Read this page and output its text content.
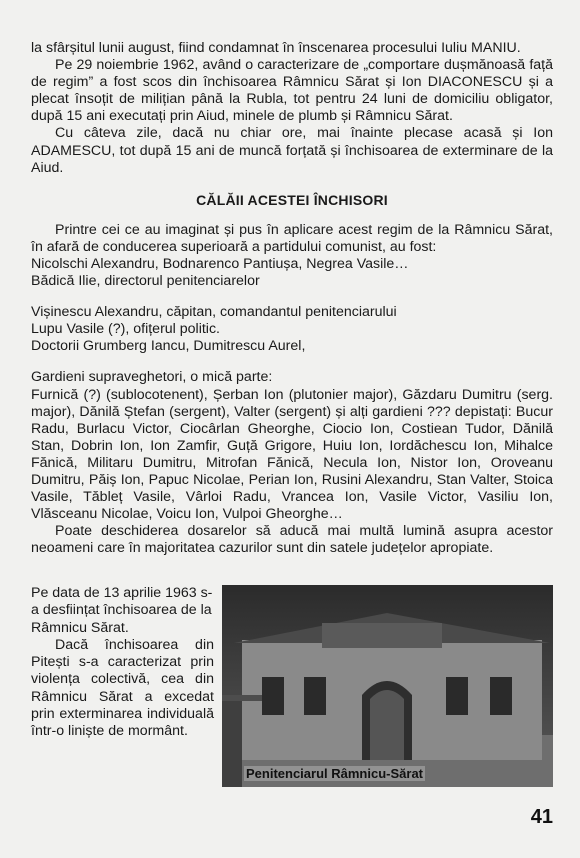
la sfârșitul lunii august, fiind condamnat în înscenarea procesului Iuliu MANIU.

Pe 29 noiembrie 1962, având o caracterizare de „comportare dușmănoasă față de regim” a fost scos din închisoarea Râmnicu Sărat și Ion DIACONESCU și a plecat însoțit de milițian până la Rubla, tot pentru 24 luni de domiciliu obligator, după 15 ani executați prin Aiud, minele de plumb și Râmnicu Sărat.

Cu câteva zile, dacă nu chiar ore, mai înainte plecase acasă și Ion ADAMESCU, tot după 15 ani de muncă forțată și închisoarea de exterminare de la Aiud.

CĂLĂII ACESTEI ÎNCHISORI

Printre cei ce au imaginat și pus în aplicare acest regim de la Râmnicu Sărat, în afară de conducerea superioară a partidului comunist, au fost:

Nicolschi Alexandru, Bodnarenco Pantiușa, Negrea Vasile…

Bădică Ilie, directorul penitenciarelor

Vișinescu Alexandru, căpitan, comandantul penitenciarului

Lupu Vasile (?), ofițerul politic.

Doctorii Grumberg Iancu, Dumitrescu Aurel,

Gardieni supraveghetori, o mică parte:

Furnică (?) (sublocotenent), Șerban Ion (plutonier major), Găzdaru Dumitru (serg. major), Dănilă Ștefan (sergent), Valter (sergent) și alți gardieni ??? depistați: Bucur Radu, Burlacu Victor, Ciocârlan Gheorghe, Ciocio Ion, Costiean Tudor, Dănilă Stan, Dobrin Ion, Ion Zamfir, Guță Grigore, Huiu Ion, Iordăchescu Ion, Mihalce Fănică, Militaru Dumitru, Mitrofan Fănică, Necula Ion, Nistor Ion, Oroveanu Dumitru, Păiș Ion, Papuc Nicolae, Perian Ion, Rusini Alexandru, Stan Valter, Stoica Vasile, Tăbleț Vasile, Vârloi Radu, Vrancea Ion, Vasile Victor, Vasiliu Ion, Vlăsceanu Nicolae, Voicu Ion, Vulpoi Gheorghe…

Poate deschiderea dosarelor să aducă mai multă lumină asupra acestor neoameni care în majoritatea cazurilor sunt din satele județelor apropiate.

Pe data de 13 aprilie 1963 s-a desființat închisoarea de la Râmnicu Sărat.

Dacă închisoarea din Pitești s-a caracterizat prin violența colectivă, cea din Râmnicu Sărat a excedat prin exterminarea individuală într-o liniște de mormânt.

Penitenciarul Râmnicu-Sărat
41
